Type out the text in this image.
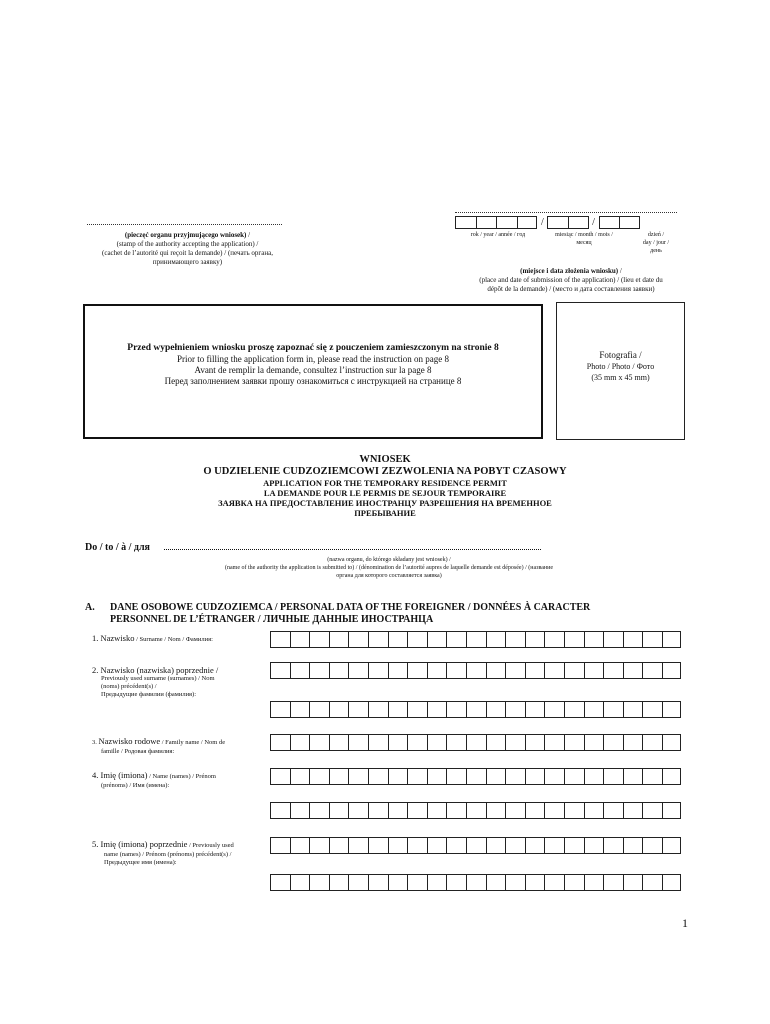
(pieczęć organu przyjmującego wniosek) /
(stamp of the authority accepting the application) /
(cachet de l’autorité qui reçoit la demande) / (печать органа,
принимающего заявку)
/	/
rok / year / année / год	miesiąc / month / mois /
месяц
dzień /
day / jour /
день
(miejsce i data złożenia wniosku) /
(place and date of submission of the application) / (lieu et date du
dépôt de la demande) / (место и дата составления заявки)
Przed wypełnieniem wniosku proszę zapoznać się z pouczeniem zamieszczonym na stronie 8
Prior to filling the application form in, please read the instruction on page 8
Avant de remplir la demande, consultez l’instruction sur la page 8
Перед заполнением заявки прошу ознакомиться с инструкцией на странице 8
Fotografia /
Photo / Photo / Фото
(35 mm x 45 mm)
WNIOSEK
O UDZIELENIE CUDZOZIEMCOWI ZEZWOLENIA NA POBYT CZASOWY
APPLICATION FOR THE TEMPORARY RESIDENCE PERMIT
LA DEMANDE POUR LE PERMIS DE SEJOUR TEMPORAIRE
ЗАЯВКА НА ПРЕДОСТАВЛЕНИЕ ИНОСТРАНЦУ РАЗРЕШЕНИЯ НА ВРЕМЕННОЕ
ПРЕБЫВАНИЕ
Do / to / à / для
(nazwa organu, do którego składany jest wniosek) /
(name of the authority the application is submitted to) / (dénomination de l’autorité aupres de laquelle demande est déposée) / (название
органа для которого составляется заявка)
A. DANE OSOBOWE CUDZOZIEMCA / PERSONAL DATA OF THE FOREIGNER / DONNÉES À CARACTER
PERSONNEL DE L’ÉTRANGER / ЛИЧНЫЕ ДАННЫЕ ИНОСТРАНЦА
1. Nazwisko / Surname / Nom / Фамилия:
2. Nazwisko (nazwiska) poprzednie /
Previously used surname (surnames) / Nom
(noms) précédent(s) /
Предыдущие фамилии (фамилия):
3. Nazwisko rodowe / Family name / Nom de
famille / Родовая фамилия:
4. Imię (imiona) / Name (names) / Prénom
(prénoms) / Имя (имена):
5. Imię (imiona) poprzednie / Previously used
name (names) / Prénom (prénoms) précédent(s) /
Предыдущее имя (имена):
1
